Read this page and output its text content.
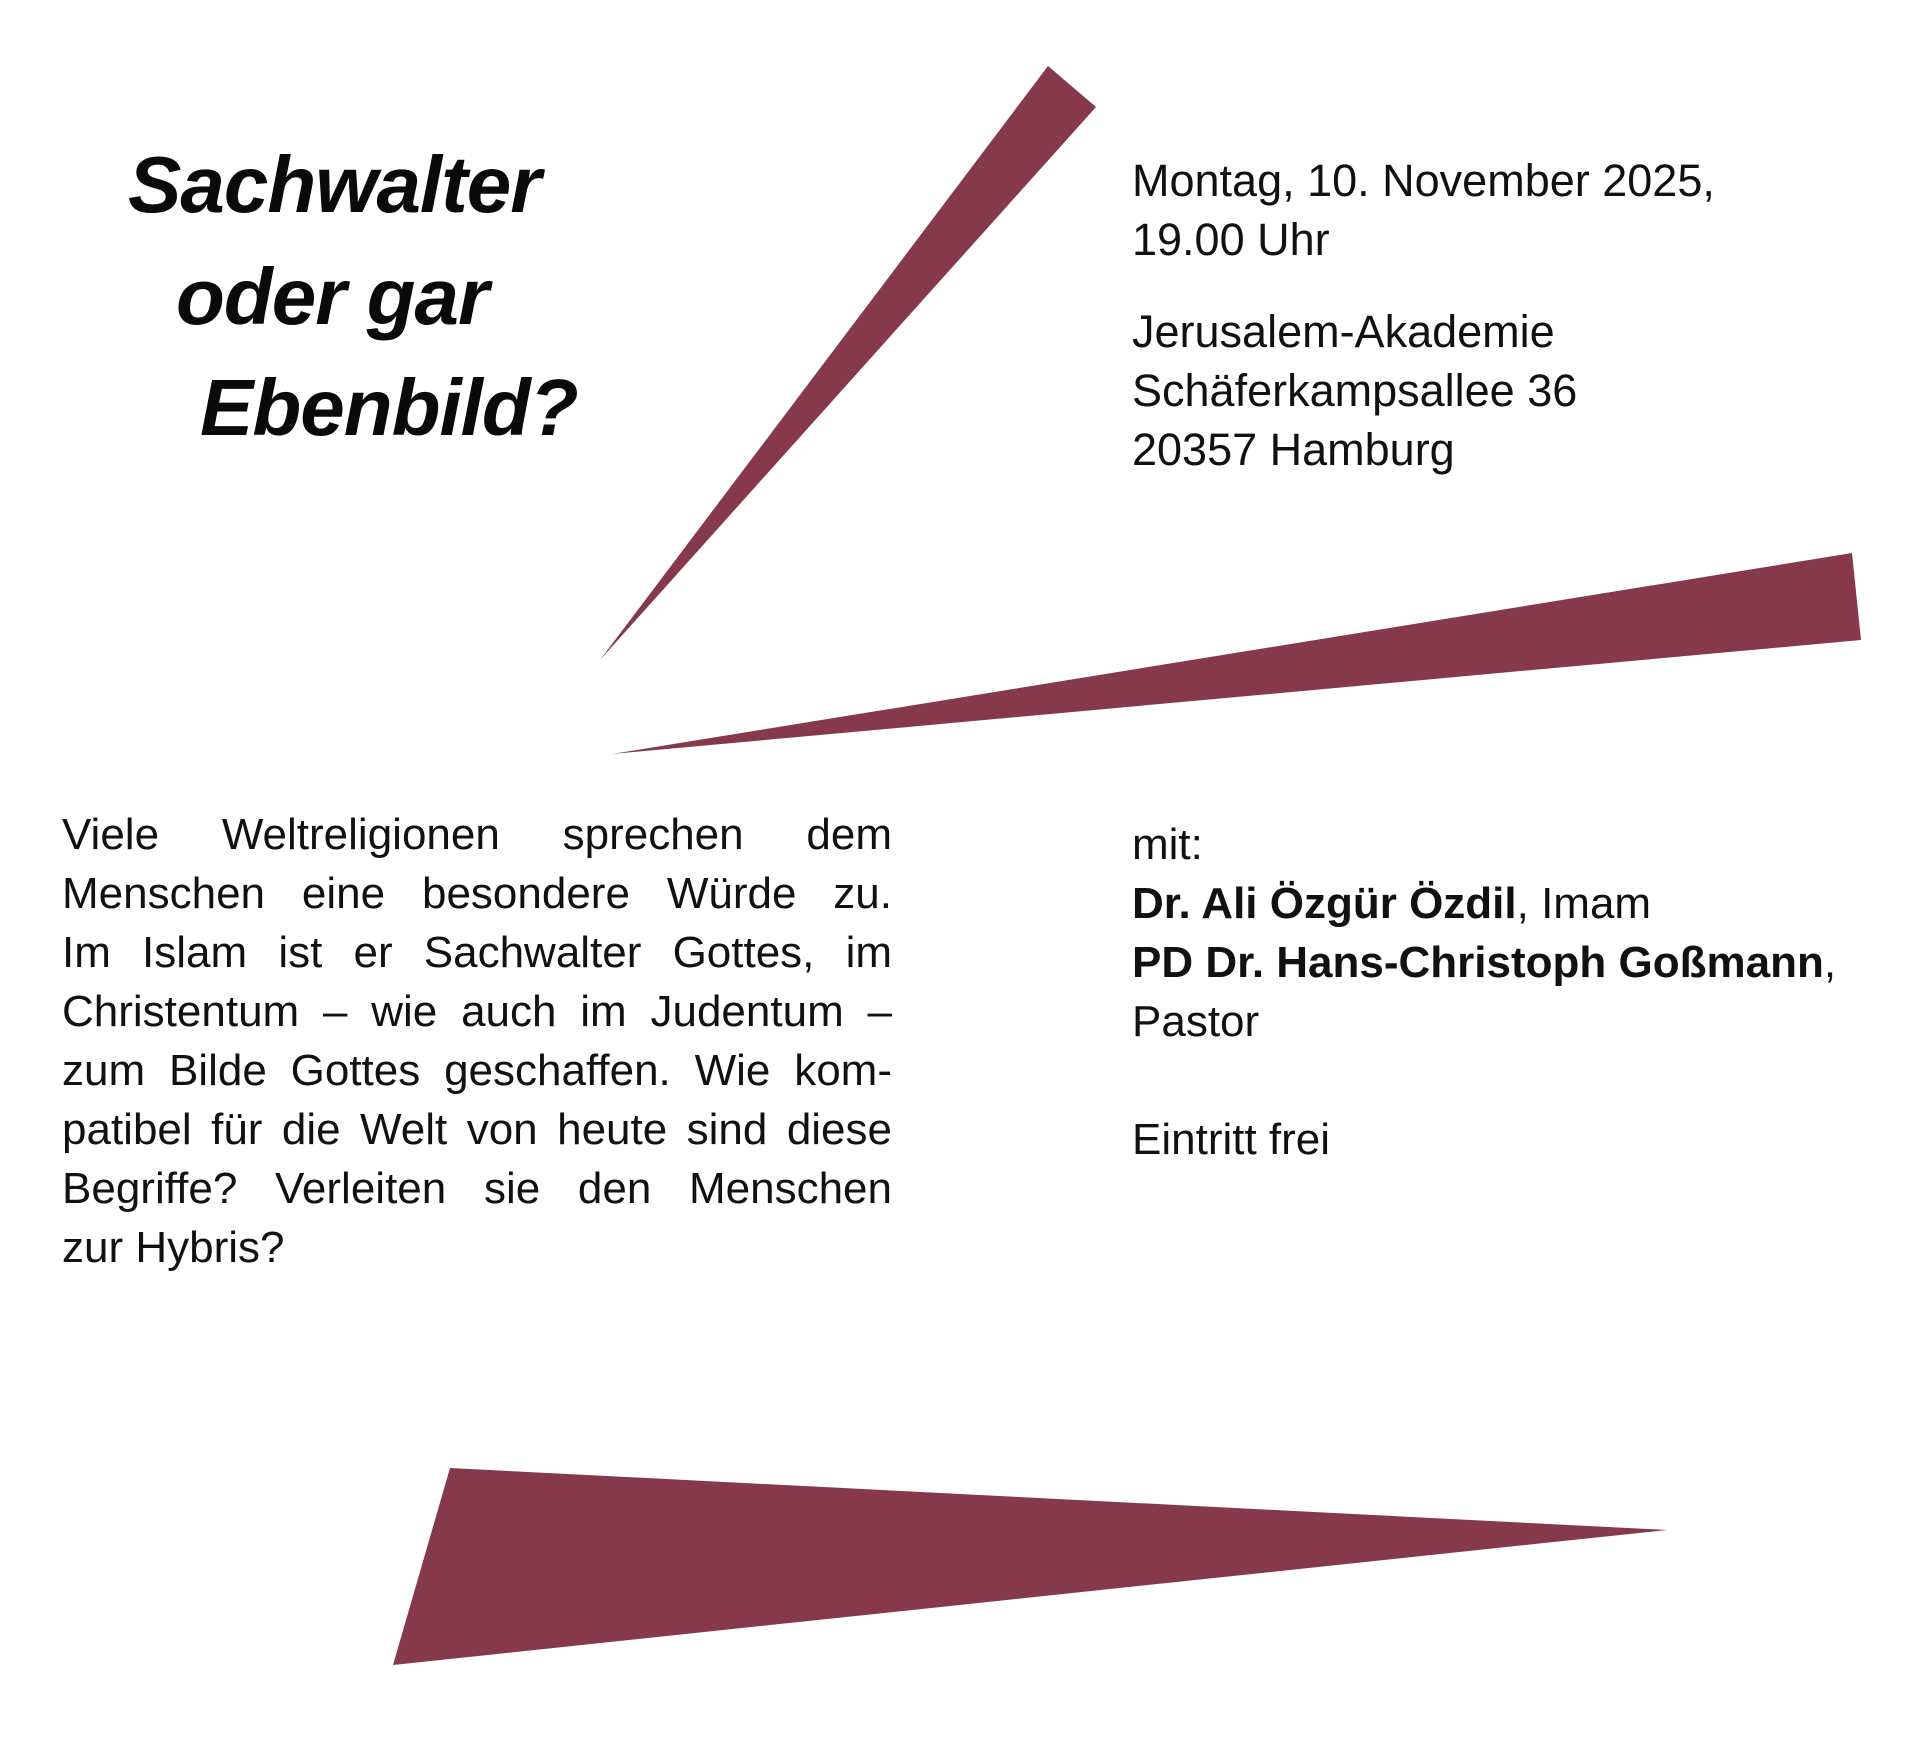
Sachwalter
oder gar
Ebenbild?
Montag, 10. November 2025,
19.00 Uhr
Jerusalem-Akademie
Schäferkampsallee 36
20357 Hamburg
Viele Weltreligionen sprechen dem
Menschen eine besondere Würde zu.
Im Islam ist er Sachwalter Gottes, im
Christentum – wie auch im Judentum –
zum Bilde Gottes geschaffen. Wie kom-
patibel für die Welt von heute sind diese
Begriffe? Verleiten sie den Menschen
zur Hybris?
mit:
Dr. Ali Özgür Özdil, Imam
PD Dr. Hans-Christoph Goßmann,
Pastor
Eintritt frei
